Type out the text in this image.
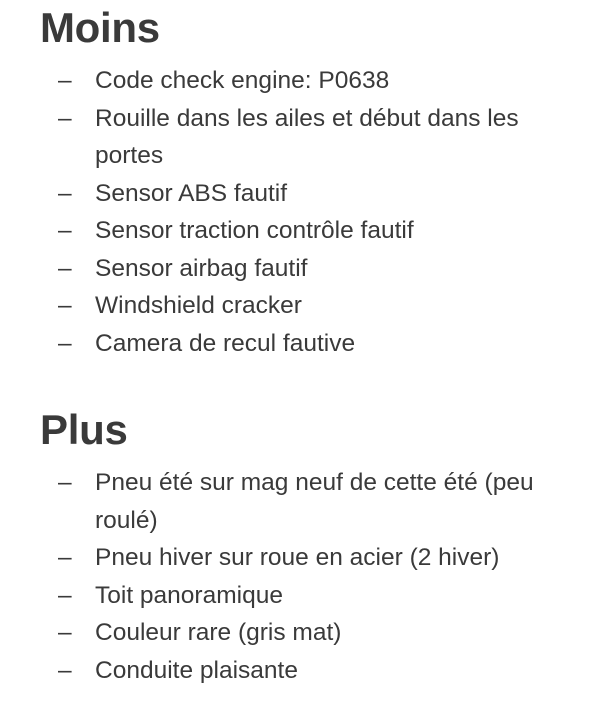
Moins
– Code check engine: P0638
– Rouille dans les ailes et début dans les portes
– Sensor ABS fautif
– Sensor traction contrôle fautif
– Sensor airbag fautif
– Windshield cracker
– Camera de recul fautive
Plus
– Pneu été sur mag neuf de cette été (peu roulé)
– Pneu hiver sur roue en acier (2 hiver)
– Toit panoramique
– Couleur rare (gris mat)
– Conduite plaisante
